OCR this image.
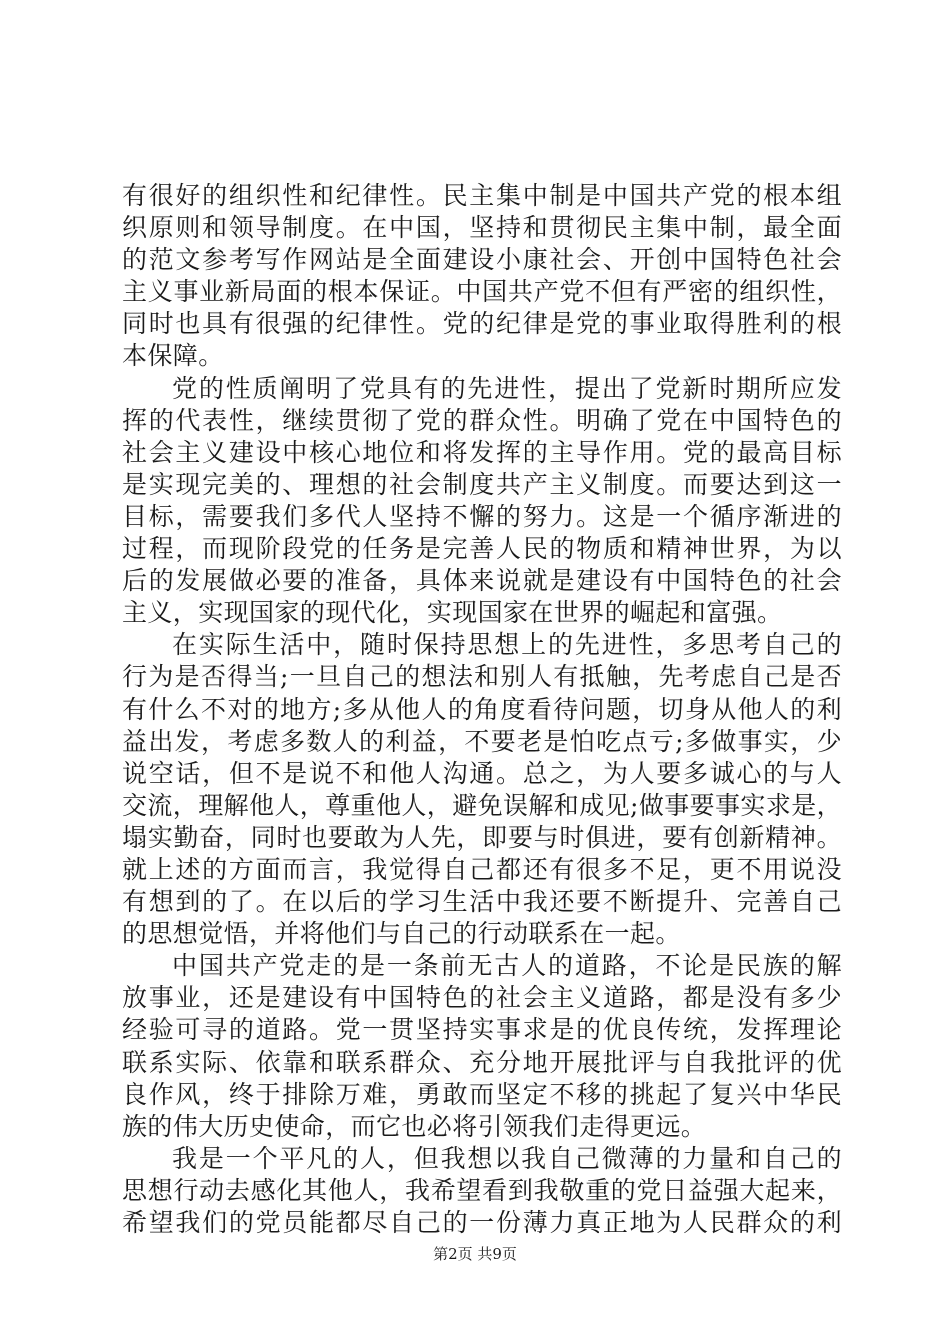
有很好的组织性和纪律性。民主集中制是中国共产党的根本组
织原则和领导制度。在中国，坚持和贯彻民主集中制，最全面
的范文参考写作网站是全面建设小康社会、开创中国特色社会
主义事业新局面的根本保证。中国共产党不但有严密的组织性，
同时也具有很强的纪律性。党的纪律是党的事业取得胜利的根
本保障。
党的性质阐明了党具有的先进性，提出了党新时期所应发
挥的代表性，继续贯彻了党的群众性。明确了党在中国特色的
社会主义建设中核心地位和将发挥的主导作用。党的最高目标
是实现完美的、理想的社会制度共产主义制度。而要达到这一
目标，需要我们多代人坚持不懈的努力。这是一个循序渐进的
过程，而现阶段党的任务是完善人民的物质和精神世界，为以
后的发展做必要的准备，具体来说就是建设有中国特色的社会
主义，实现国家的现代化，实现国家在世界的崛起和富强。
在实际生活中，随时保持思想上的先进性，多思考自己的
行为是否得当;一旦自己的想法和别人有抵触，先考虑自己是否
有什么不对的地方;多从他人的角度看待问题，切身从他人的利
益出发，考虑多数人的利益，不要老是怕吃点亏;多做事实，少
说空话，但不是说不和他人沟通。总之，为人要多诚心的与人
交流，理解他人，尊重他人，避免误解和成见;做事要事实求是，
塌实勤奋，同时也要敢为人先，即要与时俱进，要有创新精神。
就上述的方面而言，我觉得自己都还有很多不足，更不用说没
有想到的了。在以后的学习生活中我还要不断提升、完善自己
的思想觉悟，并将他们与自己的行动联系在一起。
中国共产党走的是一条前无古人的道路，不论是民族的解
放事业，还是建设有中国特色的社会主义道路，都是没有多少
经验可寻的道路。党一贯坚持实事求是的优良传统，发挥理论
联系实际、依靠和联系群众、充分地开展批评与自我批评的优
良作风，终于排除万难，勇敢而坚定不移的挑起了复兴中华民
族的伟大历史使命，而它也必将引领我们走得更远。
我是一个平凡的人，但我想以我自己微薄的力量和自己的
思想行动去感化其他人，我希望看到我敬重的党日益强大起来，
希望我们的党员能都尽自己的一份薄力真正地为人民群众的利
第2页 共9页
